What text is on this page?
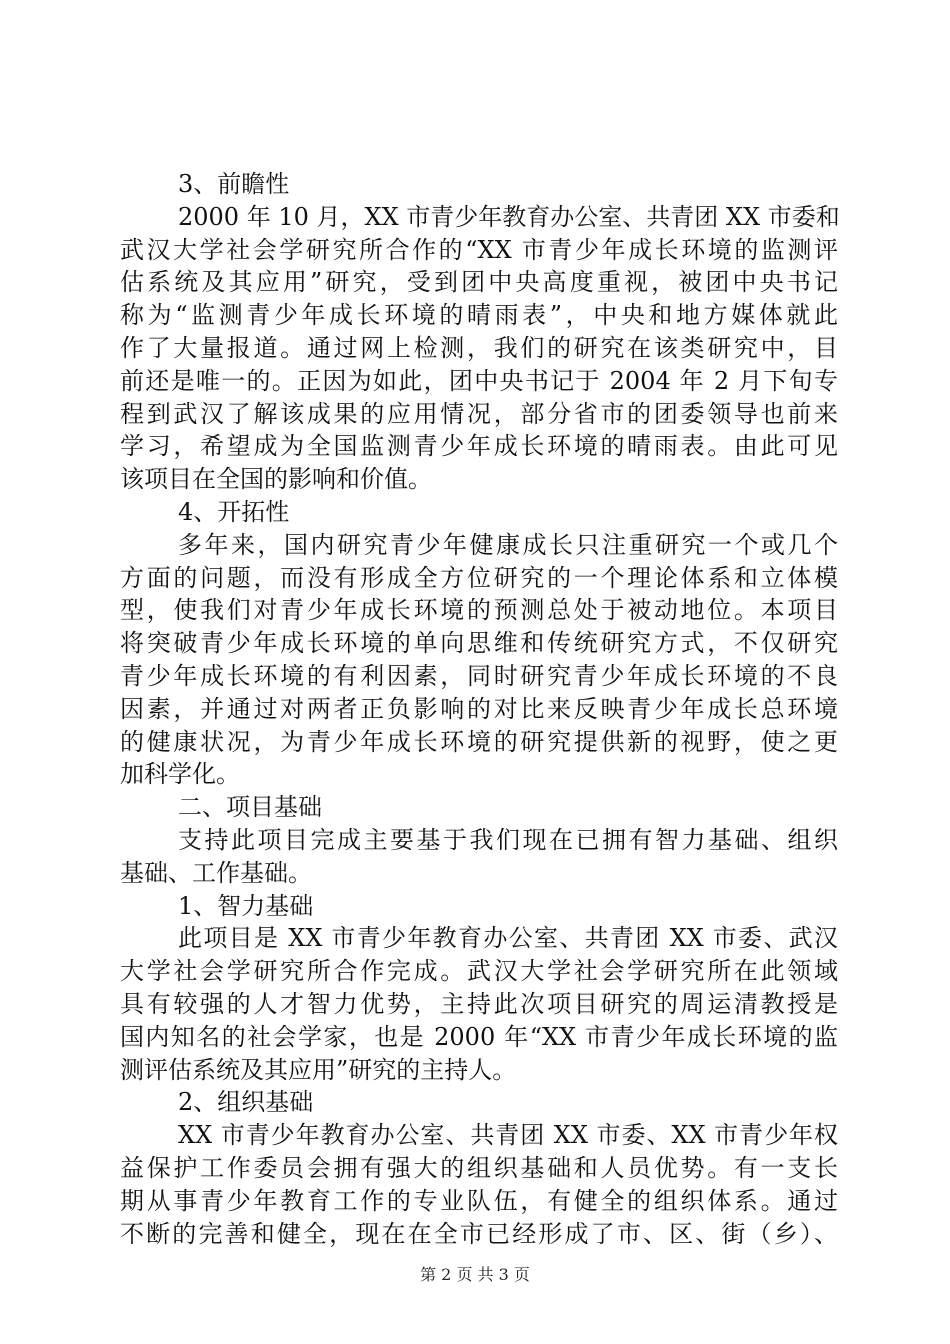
3、前瞻性
2000 年 10 月，XX 市青少年教育办公室、共青团 XX 市委和
武汉大学社会学研究所合作的“XX 市青少年成长环境的监测评
估系统及其应用”研究，受到团中央高度重视，被团中央书记
称为“监测青少年成长环境的晴雨表”，中央和地方媒体就此
作了大量报道。通过网上检测，我们的研究在该类研究中，目
前还是唯一的。正因为如此，团中央书记于 2004 年 2 月下旬专
程到武汉了解该成果的应用情况，部分省市的团委领导也前来
学习，希望成为全国监测青少年成长环境的晴雨表。由此可见
该项目在全国的影响和价值。
4、开拓性
多年来，国内研究青少年健康成长只注重研究一个或几个
方面的问题，而没有形成全方位研究的一个理论体系和立体模
型，使我们对青少年成长环境的预测总处于被动地位。本项目
将突破青少年成长环境的单向思维和传统研究方式，不仅研究
青少年成长环境的有利因素，同时研究青少年成长环境的不良
因素，并通过对两者正负影响的对比来反映青少年成长总环境
的健康状况，为青少年成长环境的研究提供新的视野，使之更
加科学化。
二、项目基础
支持此项目完成主要基于我们现在已拥有智力基础、组织
基础、工作基础。
1、智力基础
此项目是 XX 市青少年教育办公室、共青团 XX 市委、武汉
大学社会学研究所合作完成。武汉大学社会学研究所在此领域
具有较强的人才智力优势，主持此次项目研究的周运清教授是
国内知名的社会学家，也是 2000 年“XX 市青少年成长环境的监
测评估系统及其应用”研究的主持人。
2、组织基础
XX 市青少年教育办公室、共青团 XX 市委、XX 市青少年权
益保护工作委员会拥有强大的组织基础和人员优势。有一支长
期从事青少年教育工作的专业队伍，有健全的组织体系。通过
不断的完善和健全，现在在全市已经形成了市、区、街（乡）、
第 2 页 共 3 页
